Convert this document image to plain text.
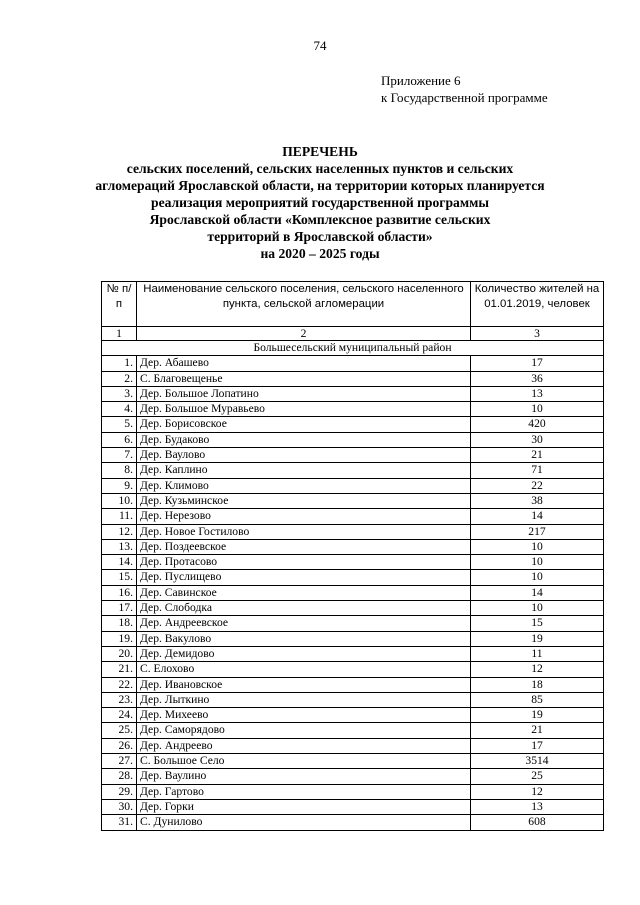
74
Приложение 6
к Государственной программе
ПЕРЕЧЕНЬ
сельских поселений, сельских населенных пунктов и сельских
агломераций Ярославской области, на территории которых планируется
реализация мероприятий государственной программы
Ярославской области «Комплексное развитие сельских
территорий в Ярославской области»
на 2020 – 2025 годы
№ п/п	Наименование сельского поселения, сельского населенного пункта, сельской агломерации	Количество жителей на 01.01.2019, человек
1	2	3
Большесельский муниципальный район		
1.	Дер. Абашево	17
2.	С. Благовещенье	36
3.	Дер. Большое Лопатино	13
4.	Дер. Большое Муравьево	10
5.	Дер. Борисовское	420
6.	Дер. Будаково	30
7.	Дер. Ваулово	21
8.	Дер. Каплино	71
9.	Дер. Климово	22
10.	Дер. Кузьминское	38
11.	Дер. Нерезово	14
12.	Дер. Новое Гостилово	217
13.	Дер. Поздеевское	10
14.	Дер. Протасово	10
15.	Дер. Пуслищево	10
16.	Дер. Савинское	14
17.	Дер. Слободка	10
18.	Дер. Андреевское	15
19.	Дер. Вакулово	19
20.	Дер. Демидово	11
21.	С. Елохово	12
22.	Дер. Ивановское	18
23.	Дер. Лыткино	85
24.	Дер. Михеево	19
25.	Дер. Саморядово	21
26.	Дер. Андреево	17
27.	С. Большое Село	3514
28.	Дер. Ваулино	25
29.	Дер. Гартово	12
30.	Дер. Горки	13
31.	С. Дунилово	608
